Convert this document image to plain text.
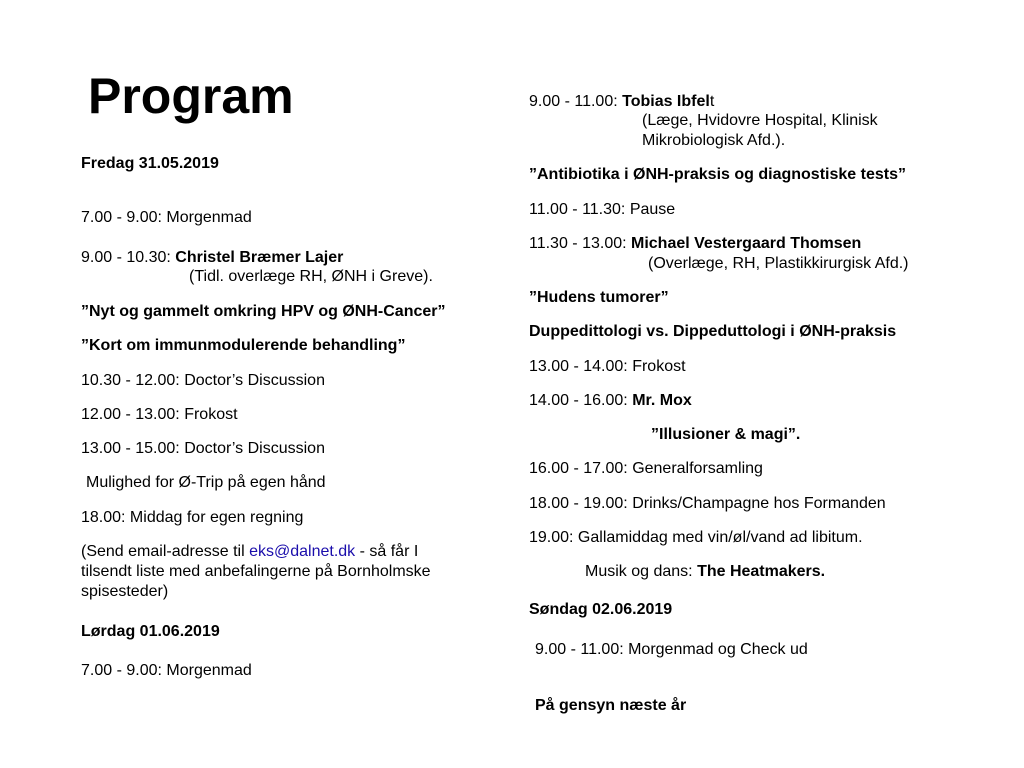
Program
Fredag 31.05.2019
7.00 - 9.00: Morgenmad
9.00 - 10.30: Christel Bræmer Lajer
(Tidl. overlæge RH, ØNH i Greve).
”Nyt og gammelt omkring HPV og ØNH-Cancer”
”Kort om immunmodulerende behandling”
10.30 - 12.00: Doctor’s Discussion
12.00 - 13.00: Frokost
13.00 - 15.00: Doctor’s Discussion
Mulighed for Ø-Trip på egen hånd
18.00: Middag for egen regning
(Send email-adresse til eks@dalnet.dk - så får I
tilsendt liste med anbefalingerne på Bornholmske
spisesteder)
Lørdag 01.06.2019
7.00 - 9.00: Morgenmad
9.00 - 11.00: Tobias Ibfelt
(Læge, Hvidovre Hospital, Klinisk
Mikrobiologisk Afd.).
”Antibiotika i ØNH-praksis og diagnostiske tests”
11.00 - 11.30: Pause
11.30 - 13.00: Michael Vestergaard Thomsen
(Overlæge, RH, Plastikkirurgisk Afd.)
”Hudens tumorer”
Duppedittologi vs. Dippeduttologi i ØNH-praksis
13.00 - 14.00: Frokost
14.00 - 16.00: Mr. Mox
”Illusioner & magi”.
16.00 - 17.00: Generalforsamling
18.00 - 19.00: Drinks/Champagne hos Formanden
19.00: Gallamiddag med vin/øl/vand ad libitum.
Musik og dans: The Heatmakers.
Søndag 02.06.2019
9.00 - 11.00: Morgenmad og Check ud
På gensyn næste år
